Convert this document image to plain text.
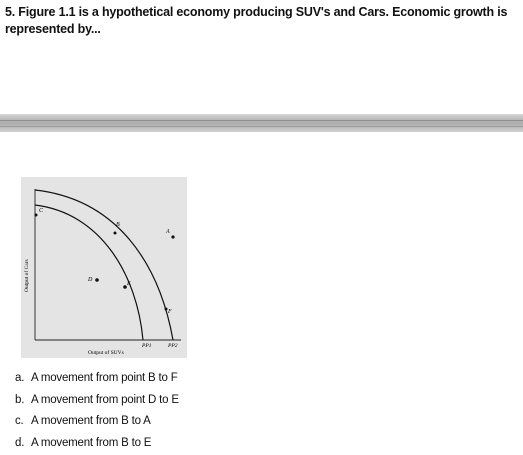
5. Figure 1.1 is a hypothetical economy producing SUV's and Cars. Economic growth is represented by...
A
B
C
D
E
F
PP1	PP2
Output of SUVs
Output of Cars
a. A movement from point B to F
b. A movement from point D to E
c. A movement from B to A
d. A movement from B to E
